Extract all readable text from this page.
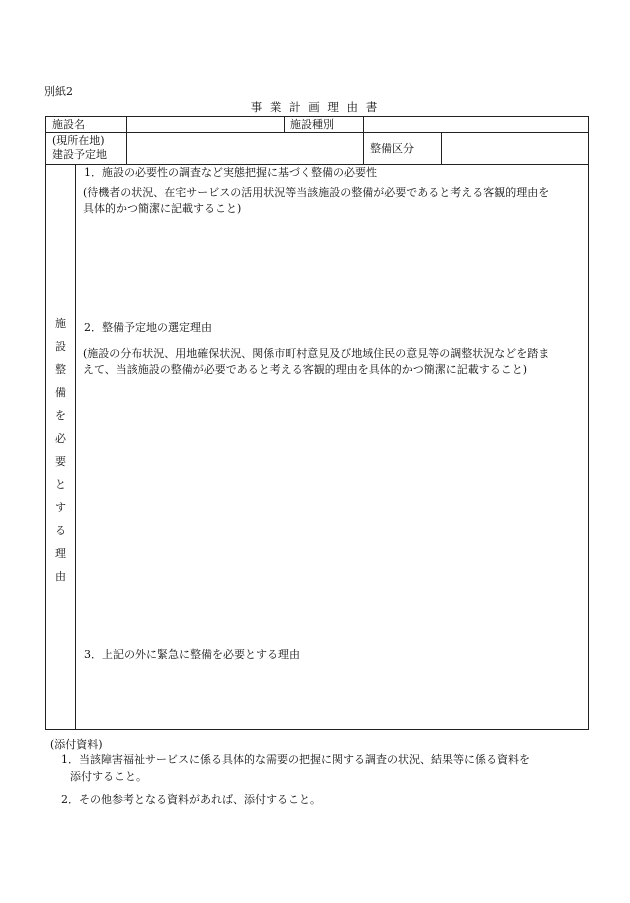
別紙2
事 業 計 画 理 由 書
施設名	施設種別
(現所在地)
建設予定地	整備区分
施
設
整
備
を
必
要
と
す
る
理
由
1．施設の必要性の調査など実態把握に基づく整備の必要性
(待機者の状況、在宅サービスの活用状況等当該施設の整備が必要であると考える客観的理由を
具体的かつ簡潔に記載すること)
2．整備予定地の選定理由
(施設の分布状況、用地確保状況、関係市町村意見及び地域住民の意見等の調整状況などを踏ま
えて、当該施設の整備が必要であると考える客観的理由を具体的かつ簡潔に記載すること)
3．上記の外に緊急に整備を必要とする理由
(添付資料)
1．当該障害福祉サービスに係る具体的な需要の把握に関する調査の状況、結果等に係る資料を
添付すること。
2．その他参考となる資料があれば、添付すること。
